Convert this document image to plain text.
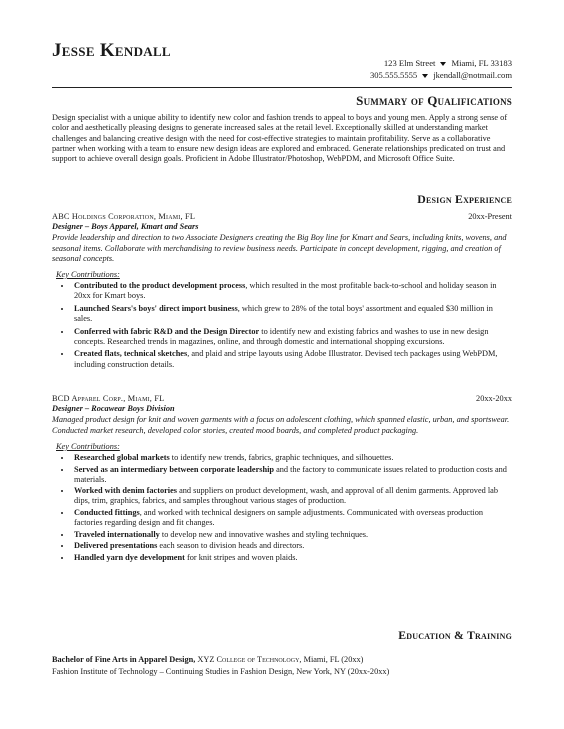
Jesse Kendall
123 Elm Street Miami, FL 33183
305.555.5555 jkendall@notmail.com
Summary of Qualifications
Design specialist with a unique ability to identify new color and fashion trends to appeal to boys and young men. Apply a strong sense of color and aesthetically pleasing designs to generate increased sales at the retail level. Exceptionally skilled at understanding market challenges and balancing creative design with the need for cost-effective strategies to maintain profitability. Serve as a collaborative partner when working with a team to ensure new design ideas are explored and embraced. Generate relationships predicated on trust and support to achieve overall design goals. Proficient in Adobe Illustrator/Photoshop, WebPDM, and Microsoft Office Suite.
Design Experience
ABC Holdings Corporation, Miami, FL	20xx-Present
Designer – Boys Apparel, Kmart and Sears
Provide leadership and direction to two Associate Designers creating the Big Boy line for Kmart and Sears, including knits, wovens, and seasonal items. Collaborate with merchandising to review business needs. Participate in concept development, rigging, and creation of seasonal concepts.
Key Contributions:
• Contributed to the product development process, which resulted in the most profitable back-to-school and holiday season in 20xx for Kmart boys.
• Launched Sears's boys' direct import business, which grew to 28% of the total boys' assortment and equaled $30 million in sales.
• Conferred with fabric R&D and the Design Director to identify new and existing fabrics and washes to use in new design concepts. Researched trends in magazines, online, and through domestic and international shopping excursions.
• Created flats, technical sketches, and plaid and stripe layouts using Adobe Illustrator. Devised tech packages using WebPDM, including construction details.
BCD Apparel Corp., Miami, FL	20xx-20xx
Designer – Rocawear Boys Division
Managed product design for knit and woven garments with a focus on adolescent clothing, which spanned elastic, urban, and sportswear. Conducted market research, developed color stories, created mood boards, and completed product packaging.
Key Contributions:
• Researched global markets to identify new trends, fabrics, graphic techniques, and silhouettes.
• Served as an intermediary between corporate leadership and the factory to communicate issues related to production costs and materials.
• Worked with denim factories and suppliers on product development, wash, and approval of all denim garments. Approved lab dips, trim, graphics, fabrics, and samples throughout various stages of production.
• Conducted fittings, and worked with technical designers on sample adjustments. Communicated with overseas production factories regarding design and fit changes.
• Traveled internationally to develop new and innovative washes and styling techniques.
• Delivered presentations each season to division heads and directors.
• Handled yarn dye development for knit stripes and woven plaids.
Education & Training
Bachelor of Fine Arts in Apparel Design, XYZ College of Technology, Miami, FL (20xx)
Fashion Institute of Technology – Continuing Studies in Fashion Design, New York, NY (20xx-20xx)
